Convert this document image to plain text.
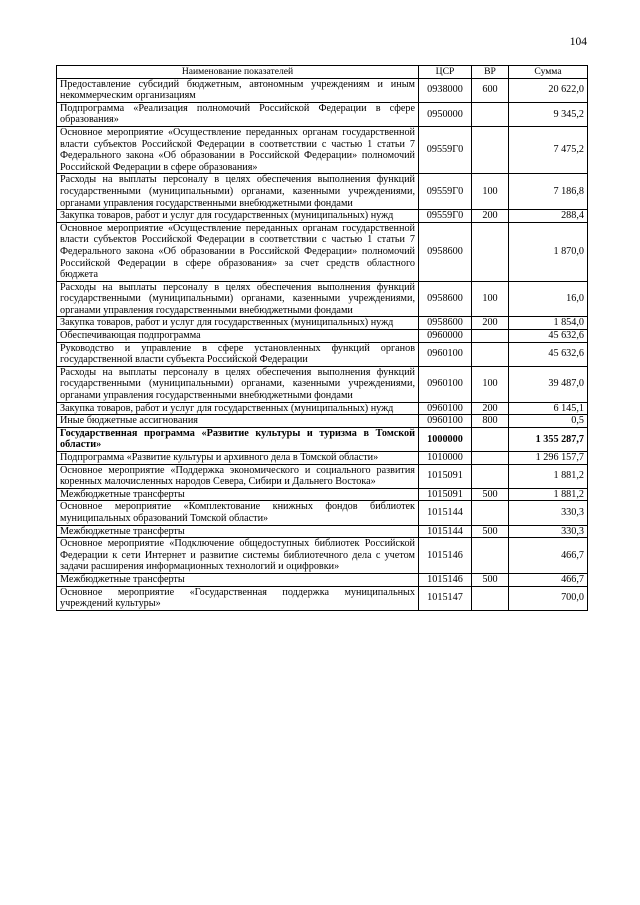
104
Наименование показателей	ЦСР	ВР	Сумма
Предоставление субсидий бюджетным, автономным учреждениям и иным некоммерческим организациям	0938000	600	20 622,0
Подпрограмма «Реализация полномочий Российской Федерации в сфере образования»	0950000		9 345,2
Основное мероприятие «Осуществление переданных органам государственной власти субъектов Российской Федерации в соответствии с частью 1 статьи 7 Федерального закона «Об образовании в Российской Федерации» полномочий Российской Федерации в сфере образования»	09559Г0		7 475,2
Расходы на выплаты персоналу в целях обеспечения выполнения функций государственными (муниципальными) органами, казенными учреждениями, органами управления государственными внебюджетными фондами	09559Г0	100	7 186,8
Закупка товаров, работ и услуг для государственных (муниципальных) нужд	09559Г0	200	288,4
Основное мероприятие «Осуществление переданных органам государственной власти субъектов Российской Федерации в соответствии с частью 1 статьи 7 Федерального закона «Об образовании в Российской Федерации» полномочий Российской Федерации в сфере образования» за счет средств областного бюджета	0958600		1 870,0
Расходы на выплаты персоналу в целях обеспечения выполнения функций государственными (муниципальными) органами, казенными учреждениями, органами управления государственными внебюджетными фондами	0958600	100	16,0
Закупка товаров, работ и услуг для государственных (муниципальных) нужд	0958600	200	1 854,0
Обеспечивающая подпрограмма	0960000		45 632,6
Руководство и управление в сфере установленных функций органов государственной власти субъекта Российской Федерации	0960100		45 632,6
Расходы на выплаты персоналу в целях обеспечения выполнения функций государственными (муниципальными) органами, казенными учреждениями, органами управления государственными внебюджетными фондами	0960100	100	39 487,0
Закупка товаров, работ и услуг для государственных (муниципальных) нужд	0960100	200	6 145,1
Иные бюджетные ассигнования	0960100	800	0,5
Государственная программа «Развитие культуры и туризма в Томской области»	1000000		1 355 287,7
Подпрограмма «Развитие культуры и архивного дела в Томской области»	1010000		1 296 157,7
Основное мероприятие «Поддержка экономического и социального развития коренных малочисленных народов Севера, Сибири и Дальнего Востока»	1015091		1 881,2
Межбюджетные трансферты	1015091	500	1 881,2
Основное мероприятие «Комплектование книжных фондов библиотек муниципальных образований Томской области»	1015144		330,3
Межбюджетные трансферты	1015144	500	330,3
Основное мероприятие «Подключение общедоступных библиотек Российской Федерации к сети Интернет и развитие системы библиотечного дела с учетом задачи расширения информационных технологий и оцифровки»	1015146		466,7
Межбюджетные трансферты	1015146	500	466,7
Основное мероприятие «Государственная поддержка муниципальных учреждений культуры»	1015147		700,0
